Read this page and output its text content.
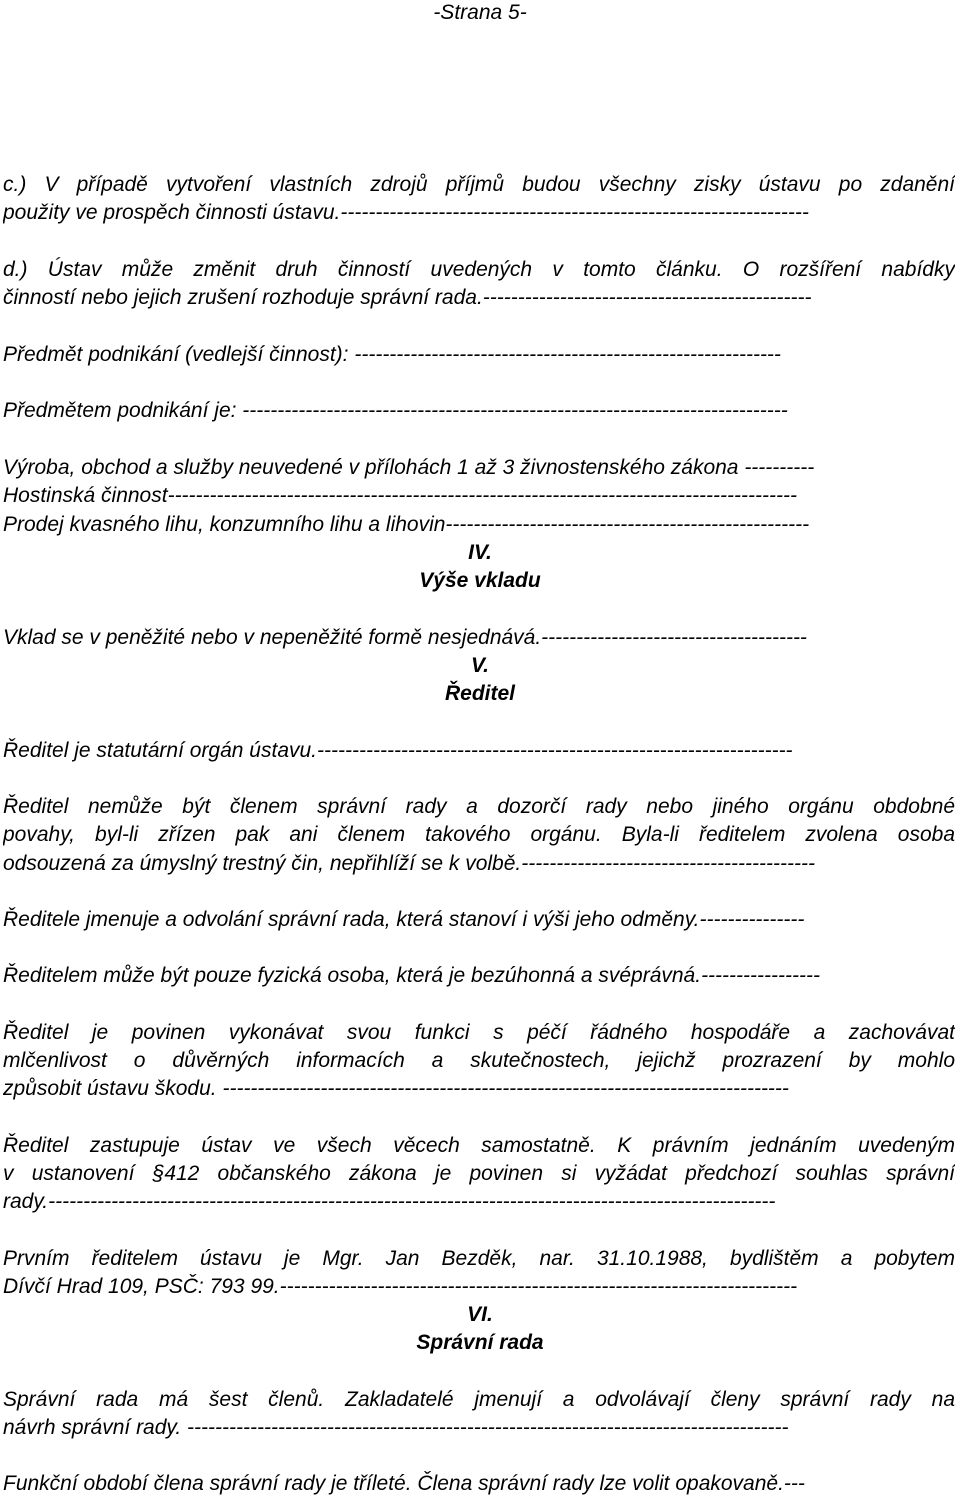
-Strana 5-
c.) V případě vytvoření vlastních zdrojů příjmů budou všechny zisky ústavu po zdanění
použity ve prospěch činnosti ústavu.-------------------------------------------------------------------
d.) Ústav může změnit druh činností uvedených v tomto článku. O rozšíření nabídky
činností nebo jejich zrušení rozhoduje správní rada.-----------------------------------------------
Předmět podnikání (vedlejší činnost): -------------------------------------------------------------
Předmětem podnikání je: ------------------------------------------------------------------------------
Výroba, obchod a služby neuvedené v přílohách 1 až 3 živnostenského zákona ----------
Hostinská činnost------------------------------------------------------------------------------------------
Prodej kvasného lihu, konzumního lihu a lihovin----------------------------------------------------
IV.
Výše vkladu
Vklad se v peněžité nebo v nepeněžité formě nesjednává.--------------------------------------
V.
Ředitel
Ředitel je statutární orgán ústavu.--------------------------------------------------------------------
Ředitel nemůže být členem správní rady a dozorčí rady nebo jiného orgánu obdobné
povahy, byl-li zřízen pak ani členem takového orgánu. Byla-li ředitelem zvolena osoba
odsouzená za úmyslný trestný čin, nepřihlíží se k volbě.------------------------------------------
Ředitele jmenuje a odvolání správní rada, která stanoví i výši jeho odměny.---------------
Ředitelem může být pouze fyzická osoba, která je bezúhonná a svéprávná.-----------------
Ředitel je povinen vykonávat svou funkci s péčí řádného hospodáře a zachovávat
mlčenlivost o důvěrných informacích a skutečnostech, jejichž prozrazení by mohlo
způsobit ústavu škodu. ---------------------------------------------------------------------------------
Ředitel zastupuje ústav ve všech věcech samostatně. K právním jednáním uvedeným
v ustanovení §412 občanského zákona je povinen si vyžádat předchozí souhlas správní
rady.--------------------------------------------------------------------------------------------------------
Prvním ředitelem ústavu je Mgr. Jan Bezděk, nar. 31.10.1988, bydlištěm a pobytem
Dívčí Hrad 109, PSČ: 793 99.--------------------------------------------------------------------------
VI.
Správní rada
Správní rada má šest členů. Zakladatelé jmenují a odvolávají členy správní rady na
návrh správní rady. --------------------------------------------------------------------------------------
Funkční období člena správní rady je tříleté. Člena správní rady lze volit opakovaně.---
